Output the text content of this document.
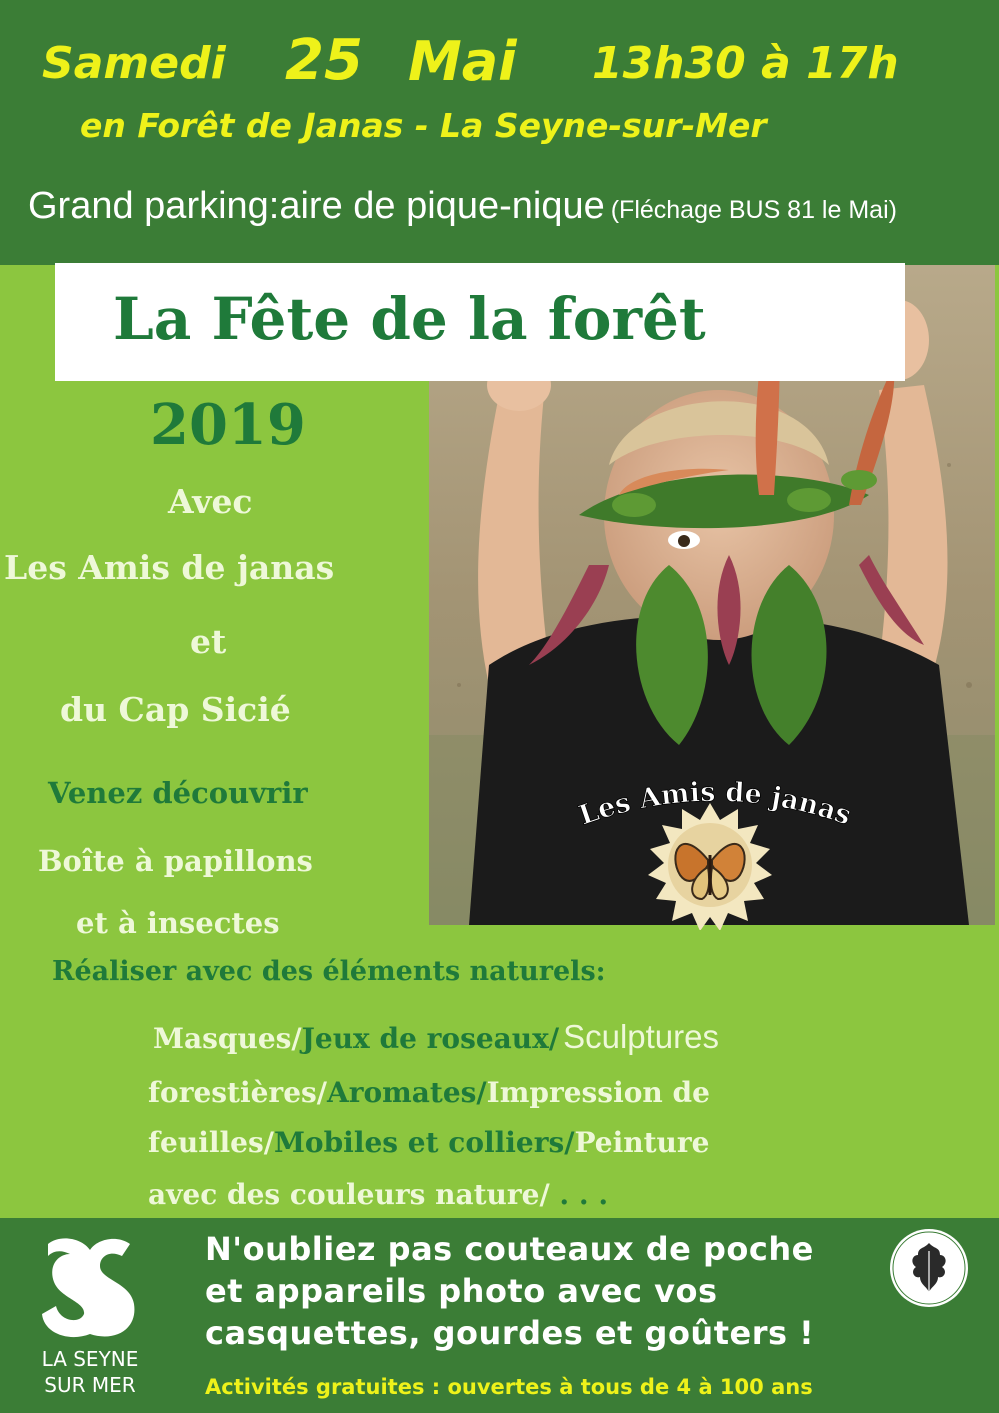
Samedi 25 Mai 13h30 à 17h
en Forêt de Janas - La Seyne-sur-Mer
Grand parking:aire de pique-nique (Fléchage BUS 81 le Mai)
La Fête de la forêt
2019
Avec
Les Amis de janas
et
du Cap Sicié
Venez découvrir
Boîte à papillons
et à insectes
Réaliser avec des éléments naturels:
Masques/Jeux de roseaux/ Sculptures
forestières/Aromates/Impression de
feuilles/Mobiles et colliers/Peinture
avec des couleurs nature/ . . .
Les Amis de janas
LA SEYNE
SUR MER
N'oubliez pas couteaux de poche
et appareils photo avec vos
casquettes, gourdes et goûters !
Activités gratuites : ouvertes à tous de 4 à 100 ans
